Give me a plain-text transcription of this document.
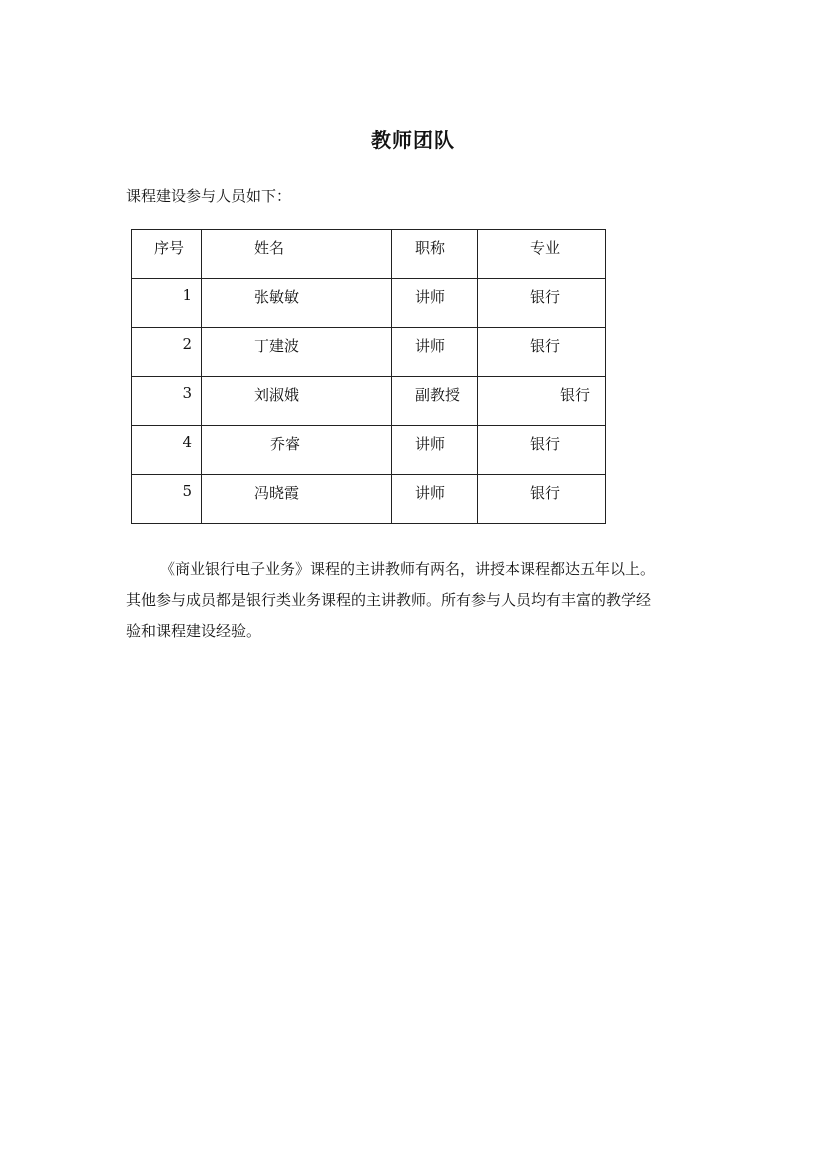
教师团队

课程建设参与人员如下：

序号	姓名	职称	专业
1	张敏敏	讲师	银行
2	丁建波	讲师	银行
3	刘淑娥	副教授	银行
4	乔睿	讲师	银行
5	冯晓霞	讲师	银行
《商业银行电子业务》课程的主讲教师有两名，讲授本课程都达五年以上。
其他参与成员都是银行类业务课程的主讲教师。所有参与人员均有丰富的教学经
验和课程建设经验。
